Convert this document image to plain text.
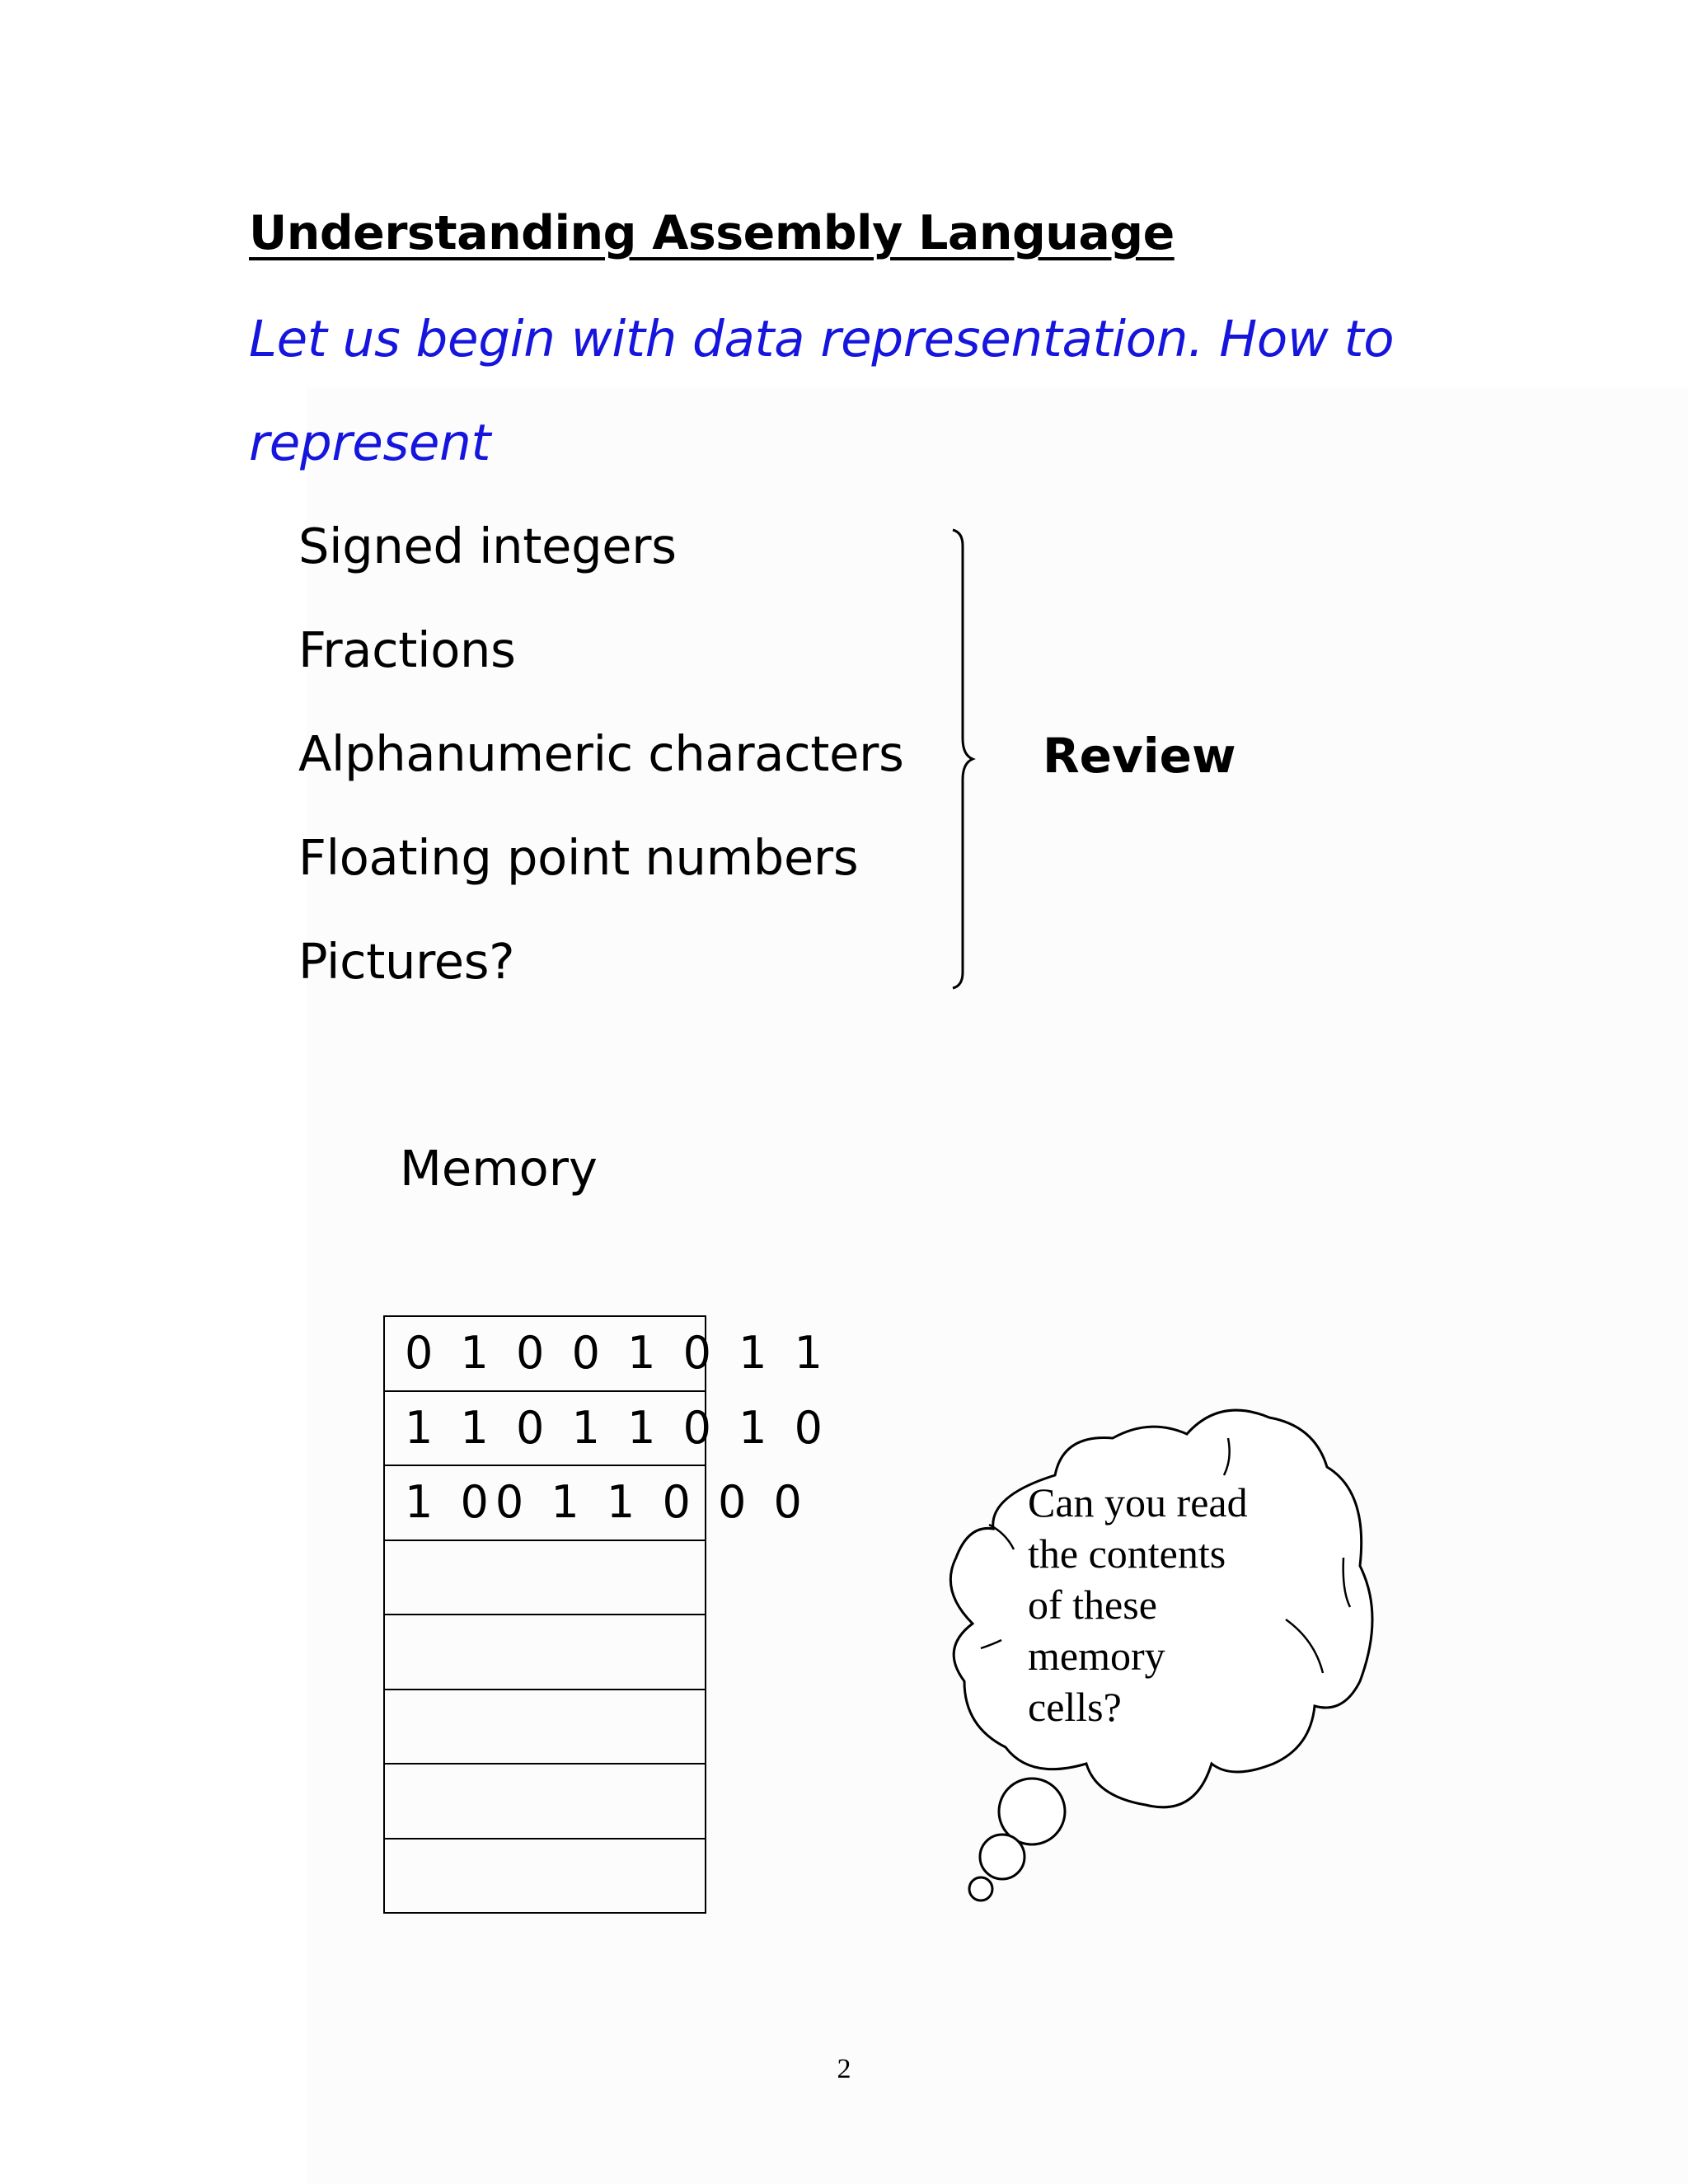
Understanding Assembly Language
Let us begin with data representation. How to
represent
Signed integers
Fractions
Alphanumeric characters
Floating point numbers
Pictures?
Review
Memory
0 1 0 0 1 0 1 1
1 1 0 1 1 0 1 0
1 00 1 1 0 0 0	Can you read
the contents
of these
memory
cells?
2
